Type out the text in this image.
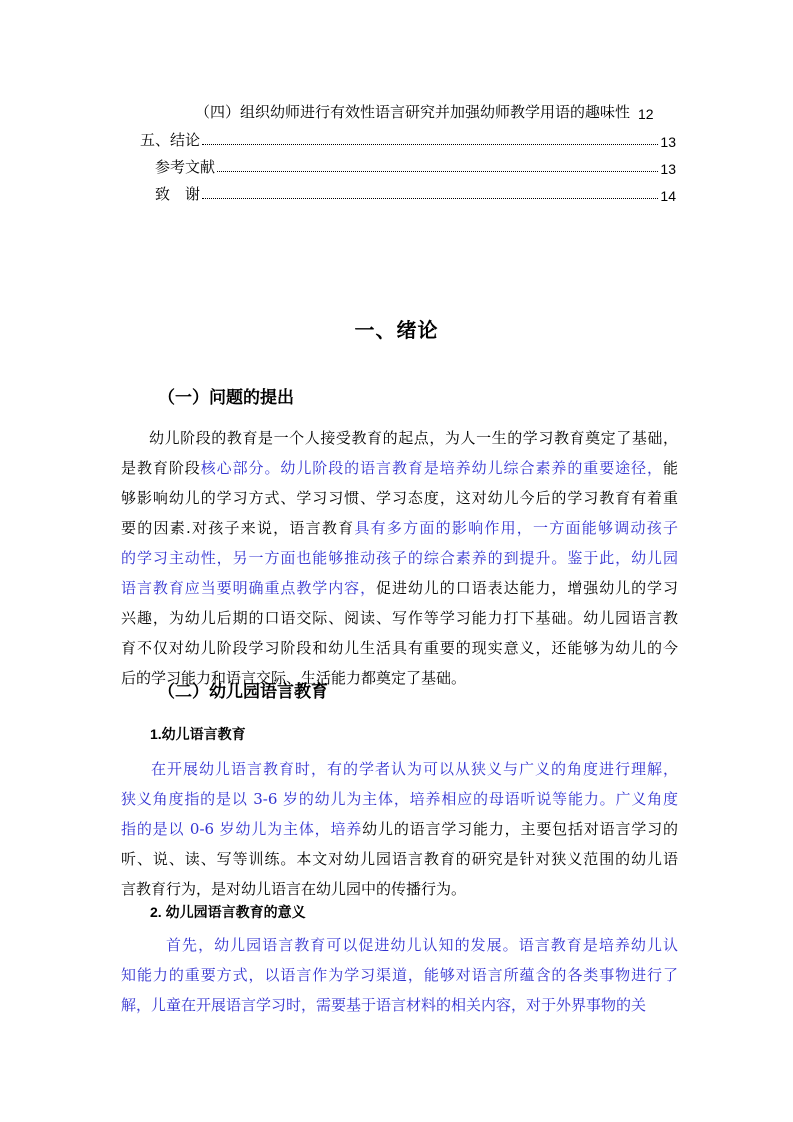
（四）组织幼师进行有效性语言研究并加强幼师教学用语的趣味性 12
五、结论	13
参考文献	13
致　谢	14
一、绪论
（一）问题的提出
幼儿阶段的教育是一个人接受教育的起点，为人一生的学习教育奠定了基础，
是教育阶段核心部分。幼儿阶段的语言教育是培养幼儿综合素养的重要途径，能
够影响幼儿的学习方式、学习习惯、学习态度，这对幼儿今后的学习教育有着重
要的因素.对孩子来说，语言教育具有多方面的影响作用，一方面能够调动孩子
的学习主动性，另一方面也能够推动孩子的综合素养的到提升。鉴于此，幼儿园
语言教育应当要明确重点教学内容，促进幼儿的口语表达能力，增强幼儿的学习
兴趣，为幼儿后期的口语交际、阅读、写作等学习能力打下基础。幼儿园语言教
育不仅对幼儿阶段学习阶段和幼儿生活具有重要的现实意义，还能够为幼儿的今
后的学习能力和语言交际、生活能力都奠定了基础。
（二）幼儿园语言教育
1.幼儿语言教育
在开展幼儿语言教育时，有的学者认为可以从狭义与广义的角度进行理解，
狭义角度指的是以 3-6 岁的幼儿为主体，培养相应的母语听说等能力。广义角度
指的是以 0-6 岁幼儿为主体，培养幼儿的语言学习能力，主要包括对语言学习的
听、说、读、写等训练。本文对幼儿园语言教育的研究是针对狭义范围的幼儿语
言教育行为，是对幼儿语言在幼儿园中的传播行为。
2. 幼儿园语言教育的意义
首先，幼儿园语言教育可以促进幼儿认知的发展。语言教育是培养幼儿认
知能力的重要方式，以语言作为学习渠道，能够对语言所蕴含的各类事物进行了
解，儿童在开展语言学习时，需要基于语言材料的相关内容，对于外界事物的关
